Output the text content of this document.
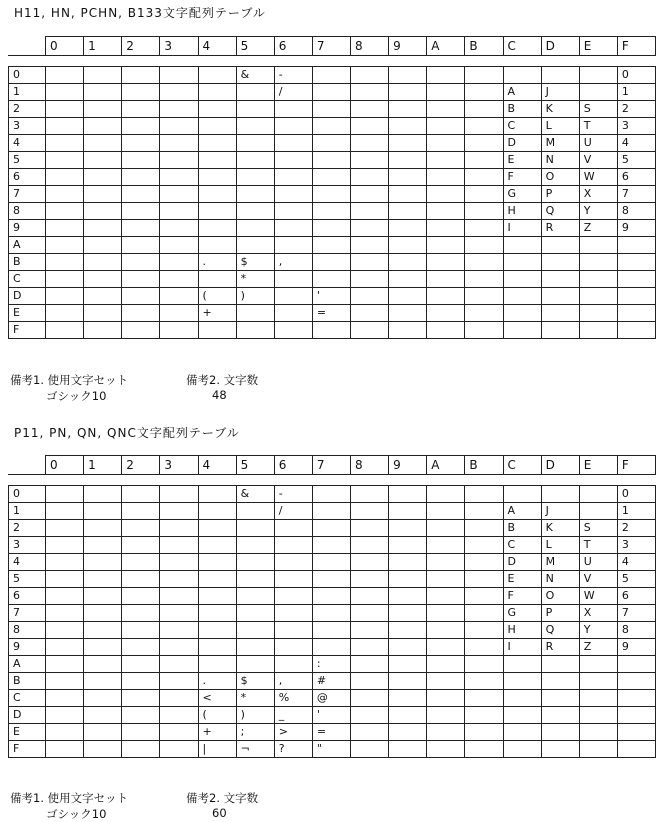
H11, HN, PCHN, B133文字配列テーブル
	0	1	2	3	4	5	6	7	8	9	A	B	C	D	E	F

0						&	-									0
1							/						A	J		1
2													B	K	S	2
3													C	L	T	3
4													D	M	U	4
5													E	N	V	5
6													F	O	W	6
7													G	P	X	7
8													H	Q	Y	8
9													I	R	Z	9
A																
B					.	$	,									
C						*										
D					(	)		'								
E					+			=								
F																
備考1. 使用文字セット
ゴシック10
備考2. 文字数
48
P11, PN, QN, QNC文字配列テーブル
	0	1	2	3	4	5	6	7	8	9	A	B	C	D	E	F

0						&	-									0
1							/						A	J		1
2													B	K	S	2
3													C	L	T	3
4													D	M	U	4
5													E	N	V	5
6													F	O	W	6
7													G	P	X	7
8													H	Q	Y	8
9													I	R	Z	9
A								:								
B					.	$	,	#								
C					<	*	%	@								
D					(	)	_	'								
E					+	;	>	=								
F					|	¬	?	"								
備考1. 使用文字セット
ゴシック10
備考2. 文字数
60
